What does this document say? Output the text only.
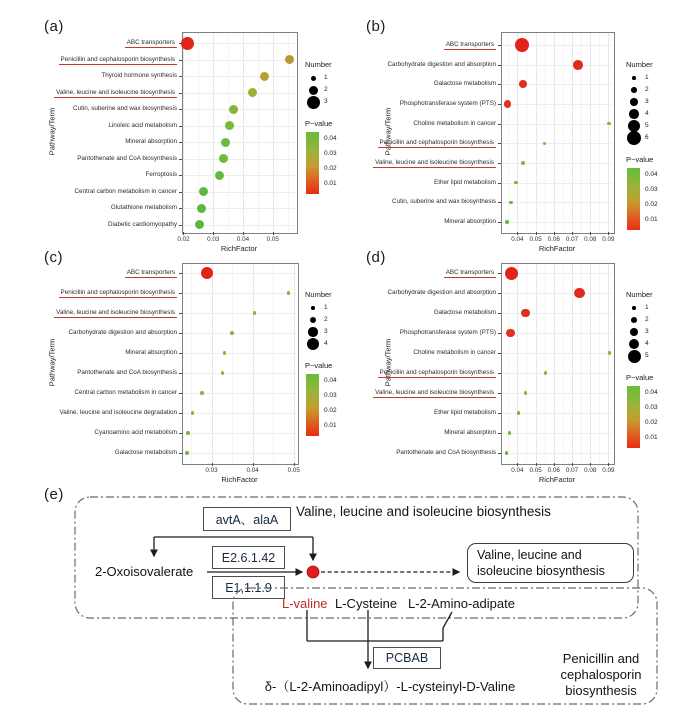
(a)
Pathway/Term
ABC transporters
Penicillin and cephalosporin biosynthesis
Thyroid hormone synthesis
Valine, leucine and isoleucine biosynthesis
Cutin, suberine and wax biosynthesis
Linoleic acid metabolism
Mineral absorption
Pantothenate and CoA biosynthesis
Ferroptosis
Central carbon metabolism in cancer
Glutathione metabolism
Diabetic cardiomyopathy
0.02	0.03	0.04	0.05
RichFactor
Number
1
2
3
P−value
0.04
0.03
0.02
0.01
(b)
Pathway/Term
ABC transporters
Carbohydrate digestion and absorption
Galactose metabolism
Phosphotransferase system (PTS)
Choline metabolism in cancer
Penicillin and cephalosporin biosynthesis
Valine, leucine and isoleucine biosynthesis
Ether lipid metabolism
Cutin, suberine and wax biosynthesis
Mineral absorption
0.04 0.05 0.06 0.07 0.08 0.09
RichFactor
Number
1
2
3
4
5
6
P−value
0.04
0.03
0.02
0.01
(c)
Pathway/Term
ABC transporters
Penicillin and cephalosporin biosynthesis
Valine, leucine and isoleucine biosynthesis
Carbohydrate digestion and absorption
Mineral absorption
Pantothenate and CoA biosynthesis
Central carbon metabolism in cancer
Valine, leucine and isoleucine degradation
Cyanoamino acid metabolism
Galactose metabolism
0.03	0.04	0.05
RichFactor
Number
1
2
3
4
P−value
0.04
0.03
0.02
0.01
(d)
Pathway/Term
ABC transporters
Carbohydrate digestion and absorption
Galactose metabolism
Phosphotransferase system (PTS)
Choline metabolism in cancer
Penicillin and cephalosporin biosynthesis
Valine, leucine and isoleucine biosynthesis
Ether lipid metabolism
Mineral absorption
Pantothenate and CoA biosynthesis
0.04 0.05 0.06 0.07 0.08 0.09
RichFactor
Number
1
2
3
4
5
P−value
0.04
0.03
0.02
0.01
avtA、alaA
E2.6.1.42
E1,1.1.9
PCBAB
(e)
Valine, leucine and isoleucine biosynthesis
2-Oxoisovalerate
L-valine L-Cysteine L-2-Amino-adipate
Valine, leucine and
isoleucine biosynthesis
δ-（L-2-Aminoadipyl）-L-cysteinyl-D-Valine
Penicillin and
cephalosporin
biosynthesis
